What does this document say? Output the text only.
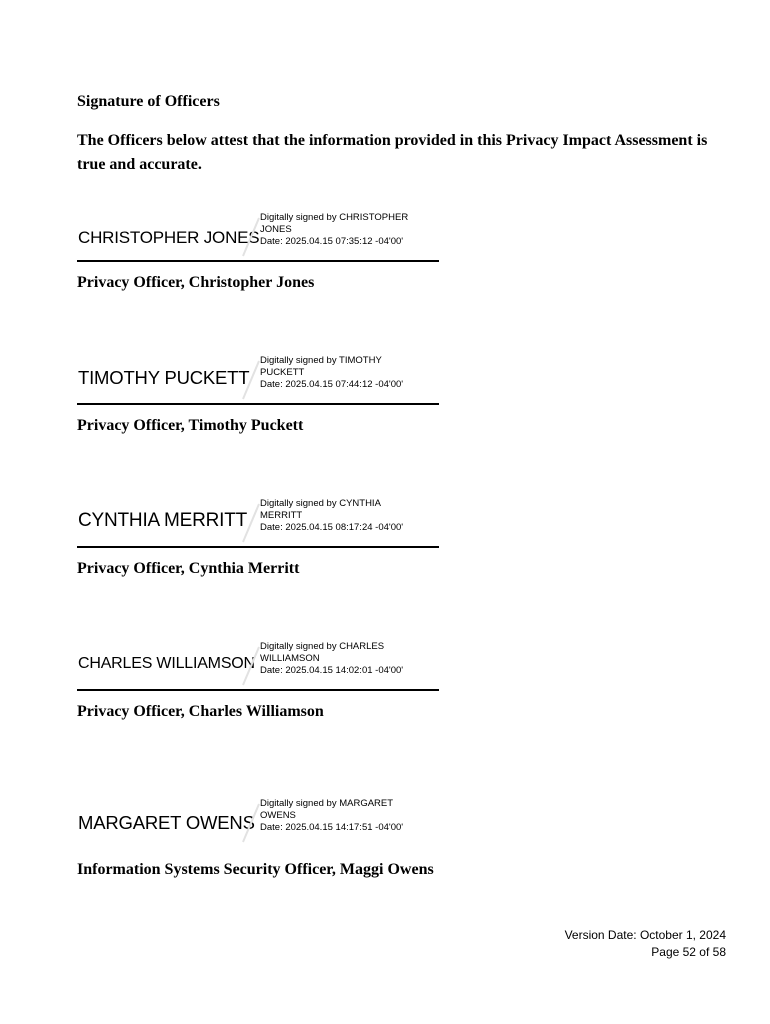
Signature of Officers
The Officers below attest that the information provided in this Privacy Impact Assessment is true and accurate.
CHRISTOPHER JONES
Digitally signed by CHRISTOPHER
JONES
Date: 2025.04.15 07:35:12 -04'00'
Privacy Officer, Christopher Jones
TIMOTHY PUCKETT
Digitally signed by TIMOTHY
PUCKETT
Date: 2025.04.15 07:44:12 -04'00'
Privacy Officer, Timothy Puckett
CYNTHIA MERRITT
Digitally signed by CYNTHIA
MERRITT
Date: 2025.04.15 08:17:24 -04'00'
Privacy Officer, Cynthia Merritt
CHARLES WILLIAMSON
Digitally signed by CHARLES
WILLIAMSON
Date: 2025.04.15 14:02:01 -04'00'
Privacy Officer, Charles Williamson
MARGARET OWENS
Digitally signed by MARGARET
OWENS
Date: 2025.04.15 14:17:51 -04'00'
Information Systems Security Officer, Maggi Owens
Version Date: October 1, 2024
Page 52 of 58
